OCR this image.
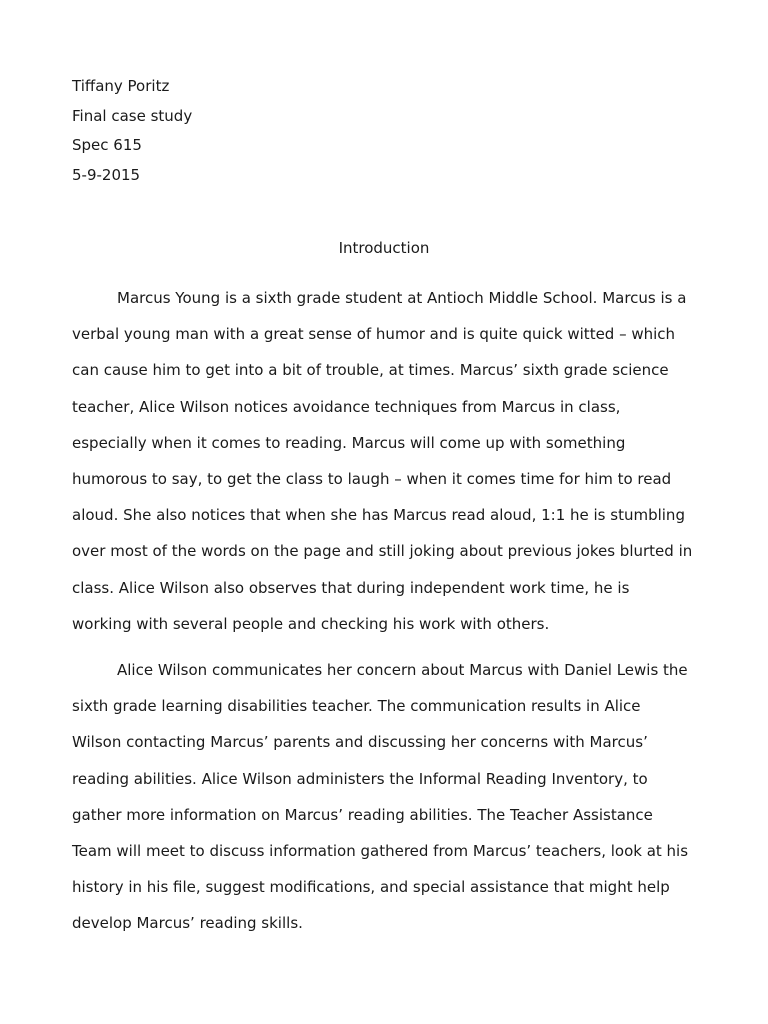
Tiffany Poritz

Final case study

Spec 615

5-9-2015

Introduction

Marcus Young is a sixth grade student at Antioch Middle School. Marcus is a
verbal young man with a great sense of humor and is quite quick witted – which
can cause him to get into a bit of trouble, at times. Marcus’ sixth grade science
teacher, Alice Wilson notices avoidance techniques from Marcus in class,
especially when it comes to reading. Marcus will come up with something
humorous to say, to get the class to laugh – when it comes time for him to read
aloud. She also notices that when she has Marcus read aloud, 1:1 he is stumbling
over most of the words on the page and still joking about previous jokes blurted in
class. Alice Wilson also observes that during independent work time, he is
working with several people and checking his work with others.

Alice Wilson communicates her concern about Marcus with Daniel Lewis the
sixth grade learning disabilities teacher. The communication results in Alice
Wilson contacting Marcus’ parents and discussing her concerns with Marcus’
reading abilities. Alice Wilson administers the Informal Reading Inventory, to
gather more information on Marcus’ reading abilities. The Teacher Assistance
Team will meet to discuss information gathered from Marcus’ teachers, look at his
history in his file, suggest modifications, and special assistance that might help
develop Marcus’ reading skills.
